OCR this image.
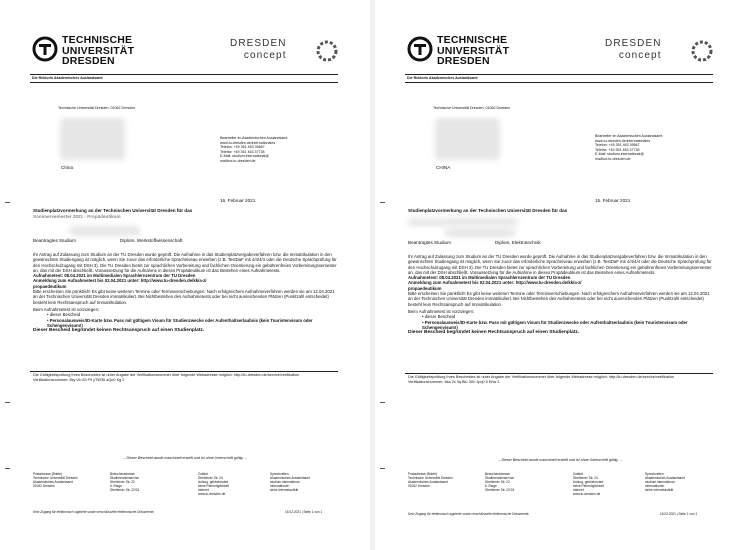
TECHNISCHE
UNIVERSITÄT
DRESDEN
DRESDEN
concept
Die Rektorin Akademisches Auslandsamt
Technische Universität Dresden, 01062 Dresden
China
Bearbeiter im Akademischen Auslandsamt
www.tu-dresden.de/internationales
Telefon: +49 351 463 39667
Telefax: +49 351 463 37738
E-Mail: studium.international@
mailbox.tu-dresden.de
16. Februar 2021
Studienplatzvormerkung an der Technischen Universität Dresden für das
Sommersemester 2021 - Propädeutikum
Beantragtes Studium	Diplom, Werkstoffwissenschaft
Ihr Antrag auf Zulassung zum Studium an der TU Dresden wurde geprüft. Die Aufnahme in das Studienplatzvergabeverfahren bzw. die Immatrikulation in den gewünschten Studiengang ist möglich, wenn Sie zuvor das erforderliche Sprachniveau erwerben (z.B. TestDaF mit 4/4/4/4 oder die Deutsche Sprachprüfung für den Hochschulzugang mit DSH 3). Die TU Dresden bietet zur sprachlichen Vorbereitung und fachlichen Orientierung ein gebührenfreies Vorbereitungssemester an, das mit der DSH abschließt. Voraussetzung für die Aufnahme in dieses Propädeutikum ist das Bestehen eines Aufnahmetests.
Aufnahmetest: 08.04.2021 im Multimedialen Sprachlernzentrum der TU Dresden
Anmeldung zum Aufnahmetest bis 02.04.2021 unter: http://www.tu-dresden.de/kk/a-z/
propaedeutikum
Bitte erscheinen Sie pünktlich! Es gibt keine weiteren Termine oder Terminverschiebungen. Nach erfolgreichem Aufnahmeverfahren werden sie am 12.04.2021 an der Technischen Universität Dresden immatrikuliert. Bei Nichtbestehen des Aufnahmetests oder bei nicht ausreichenden Plätzen (Punktzahl entscheidet) besteht kein Rechtsanspruch auf Immatrikulation.
Beim Aufnahmetest ist vorzulegen:
• dieser Bescheid
• Personalausweis/ID-Karte bzw. Pass mit gültigem Visum für Studienzwecke oder Aufenthaltserlaubnis (kein Touristenvisum oder Schengenvisum!)
Dieser Bescheid begründet keinen Rechtsanspruch auf einen Studienplatz.
Die Gültigkeitsprüfung Ihres Bescheides ist unter Angabe der Verifikationsnummer über folgende Webadresse möglich: http://tu-dresden.de/service/verifikation
Verifikationsnummer: 6ky Uh 83 F9 yTW35 aQo0 Kg 2
-- Dieser Bescheid wurde maschinell erstellt und ist ohne Unterschrift gültig. --
Postadresse (Briefe)
Technische Universität Dresden
Akademisches Auslandsamt
01062 Dresden
Besucheradresse
Studierendenservice
Strehlener Str. 22
6. Etage
Strehlener Str. 22/24
Zufahrt
Strehlener Str. 24
Aufzug, gehbehindert
keine Parkmöglichkeit
Internet
www.tu-dresden.de
Sprechzeiten
Akademisches Auslandsamt
studium.international
informationen
siehe Internetauftritt
Kein Zugang für elektronisch signierte sowie verschlüsselte elektronische Dokumente.	16.02.2021 | Seite 1 von 1
TECHNISCHE
UNIVERSITÄT
DRESDEN
DRESDEN
concept
Die Rektorin Akademisches Auslandsamt
Technische Universität Dresden, 01062 Dresden
CHINA
Bearbeiter im Akademischen Auslandsamt
www.tu-dresden.de/internationales
Telefon: +49 351 463 39667
Telefax: +49 351 463 37738
E-Mail: studium.international@
mailbox.tu-dresden.de
15. Februar 2021
Studienplatzvormerkung an der Technischen Universität Dresden für das
Beantragtes Studium	Diplom, Elektrotechnik
Ihr Antrag auf Zulassung zum Studium an der TU Dresden wurde geprüft. Die Aufnahme in das Studienplatzvergabeverfahren bzw. die Immatrikulation in den gewünschten Studiengang ist möglich, wenn Sie zuvor das erforderliche Sprachniveau erwerben (z.B. TestDaF mit 4/4/4/4 oder die Deutsche Sprachprüfung für den Hochschulzugang mit DSH 3). Die TU Dresden bietet zur sprachlichen Vorbereitung und fachlichen Orientierung ein gebührenfreies Vorbereitungssemester an, das mit der DSH abschließt. Voraussetzung für die Aufnahme in dieses Propädeutikum ist das Bestehen eines Aufnahmetests.
Aufnahmetest: 08.04.2021 im Multimedialen Sprachlernzentrum der TU Dresden
Anmeldung zum Aufnahmetest bis 02.04.2021 unter: http://www.tu-dresden.de/kk/a-z/
propaedeutikum
Bitte erscheinen Sie pünktlich! Es gibt keine weiteren Termine oder Terminverschiebungen. Nach erfolgreichem Aufnahmeverfahren werden sie am 12.04.2021 an der Technischen Universität Dresden immatrikuliert. Bei Nichtbestehen des Aufnahmetests oder bei nicht ausreichenden Plätzen (Punktzahl entscheidet) besteht kein Rechtsanspruch auf Immatrikulation.
Beim Aufnahmetest ist vorzulegen:
• dieser Bescheid
• Personalausweis/ID-Karte bzw. Pass mit gültigem Visum für Studienzwecke oder Aufenthaltserlaubnis (kein Touristenvisum oder Schengenvisum!)
Dieser Bescheid begründet keinen Rechtsanspruch auf einen Studienplatz.
Die Gültigkeitsprüfung Ihres Bescheides ist unter Angabe der Verifikationsnummer über folgende Webadresse möglich: http://tu-dresden.de/service/verifikation
Verifikationsnummer: 6ka 2s 3q Blu 3Xh Jpq0 5 Khw 2
-- Dieser Bescheid wurde maschinell erstellt und ist ohne Unterschrift gültig. --
Postadresse (Briefe)
Technische Universität Dresden
Akademisches Auslandsamt
01062 Dresden
Besucheradresse
Studierendenservice
Strehlener Str. 22
6. Etage
Strehlener Str. 22/24
Zufahrt
Strehlener Str. 24
Aufzug, gehbehindert
keine Parkmöglichkeit
Internet
www.tu-dresden.de
Sprechzeiten
Akademisches Auslandsamt
studium.international
informationen
siehe Internetauftritt
Kein Zugang für elektronisch signierte sowie verschlüsselte elektronische Dokumente.	15.02.2021 | Seite 1 von 1
